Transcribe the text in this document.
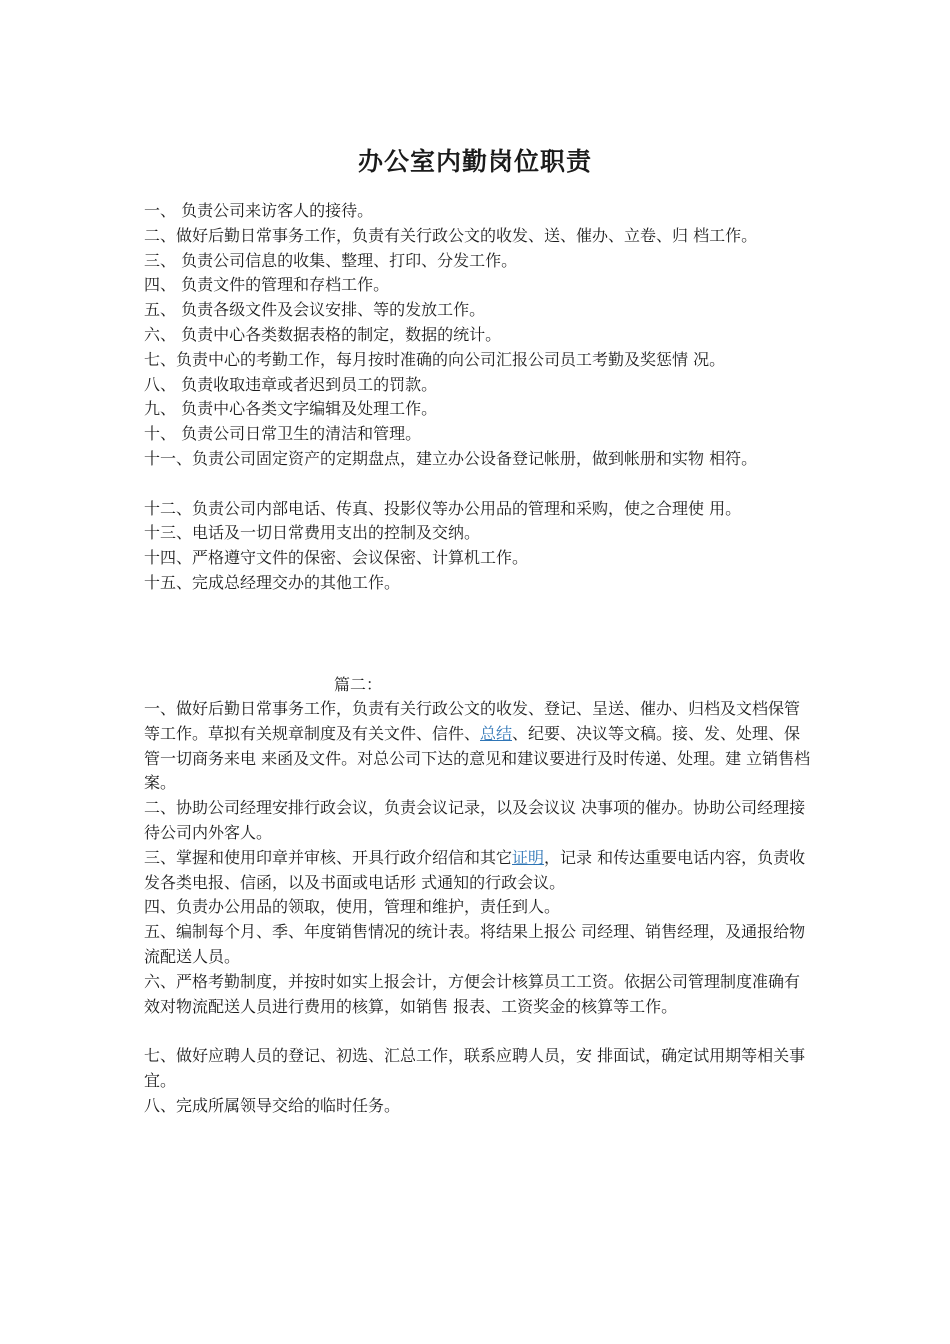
办公室内勤岗位职责
一、 负责公司来访客人的接待。
二、做好后勤日常事务工作，负责有关行政公文的收发、送、催办、立卷、归 档工作。
三、 负责公司信息的收集、整理、打印、分发工作。
四、 负责文件的管理和存档工作。
五、 负责各级文件及会议安排、等的发放工作。
六、 负责中心各类数据表格的制定，数据的统计。
七、负责中心的考勤工作，每月按时准确的向公司汇报公司员工考勤及奖惩情 况。
八、 负责收取违章或者迟到员工的罚款。
九、 负责中心各类文字编辑及处理工作。
十、 负责公司日常卫生的清洁和管理。
十一、负责公司固定资产的定期盘点，建立办公设备登记帐册，做到帐册和实物 相符。
十二、负责公司内部电话、传真、投影仪等办公用品的管理和采购，使之合理使 用。
十三、电话及一切日常费用支出的控制及交纳。
十四、严格遵守文件的保密、会议保密、计算机工作。
十五、完成总经理交办的其他工作。
篇二：
一、做好后勤日常事务工作，负责有关行政公文的收发、登记、呈送、催办、归档及文档保管等工作。草拟有关规章制度及有关文件、信件、总结、纪要、决议等文稿。接、发、处理、保管一切商务来电 来函及文件。对总公司下达的意见和建议要进行及时传递、处理。建 立销售档案。
二、协助公司经理安排行政会议，负责会议记录，以及会议议 决事项的催办。协助公司经理接待公司内外客人。
三、掌握和使用印章并审核、开具行政介绍信和其它证明，记录 和传达重要电话内容，负责收发各类电报、信函，以及书面或电话形 式通知的行政会议。
四、负责办公用品的领取，使用，管理和维护，责任到人。
五、编制每个月、季、年度销售情况的统计表。将结果上报公 司经理、销售经理，及通报给物流配送人员。
六、严格考勤制度，并按时如实上报会计，方便会计核算员工工资。依据公司管理制度准确有效对物流配送人员进行费用的核算，如销售 报表、工资奖金的核算等工作。
七、做好应聘人员的登记、初选、汇总工作，联系应聘人员，安 排面试，确定试用期等相关事宜。
八、完成所属领导交给的临时任务。
